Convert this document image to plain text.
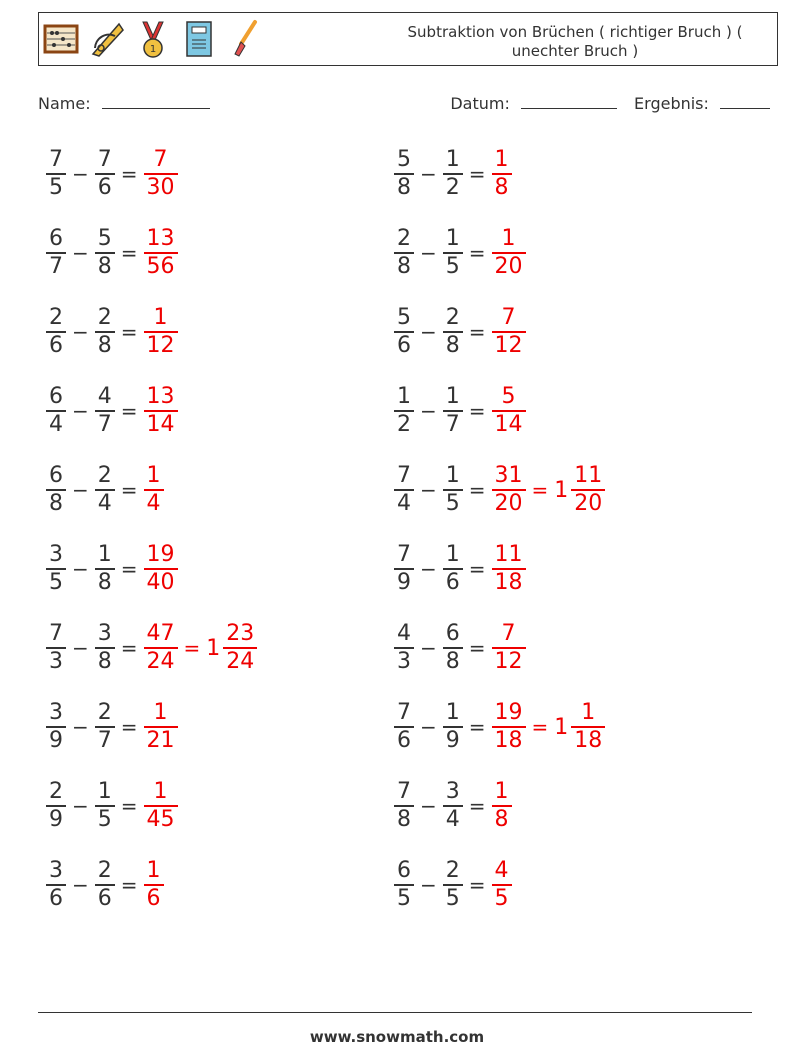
1
Subtraktion von Brüchen ( richtiger Bruch ) ( unechter Bruch )
Name:	Datum:	Ergebnis:
$\frac{7}{5} - \frac{7}{6} = \frac{7}{30}$
$\frac{6}{7} - \frac{5}{8} = \frac{13}{56}$
$\frac{2}{6} - \frac{2}{8} = \frac{1}{12}$
$\frac{6}{4} - \frac{4}{7} = \frac{13}{14}$
$\frac{6}{8} - \frac{2}{4} = \frac{1}{4}$
$\frac{3}{5} - \frac{1}{8} = \frac{19}{40}$
$\frac{7}{3} - \frac{3}{8} = \frac{47}{24} = 1 \frac{23}{24}$
$\frac{3}{9} - \frac{2}{7} = \frac{1}{21}$
$\frac{2}{9} - \frac{1}{5} = \frac{1}{45}$
$\frac{3}{6} - \frac{2}{6} = \frac{1}{6}$
$\frac{5}{8} - \frac{1}{2} = \frac{1}{8}$
$\frac{2}{8} - \frac{1}{5} = \frac{1}{20}$
$\frac{5}{6} - \frac{2}{8} = \frac{7}{12}$
$\frac{1}{2} - \frac{1}{7} = \frac{5}{14}$
$\frac{7}{4} - \frac{1}{5} = \frac{31}{20} = 1 \frac{11}{20}$
$\frac{7}{9} - \frac{1}{6} = \frac{11}{18}$
$\frac{4}{3} - \frac{6}{8} = \frac{7}{12}$
$\frac{7}{6} - \frac{1}{9} = \frac{19}{18} = 1 \frac{1}{18}$
$\frac{7}{8} - \frac{3}{4} = \frac{1}{8}$
$\frac{6}{5} - \frac{2}{5} = \frac{4}{5}$
www.snowmath.com
